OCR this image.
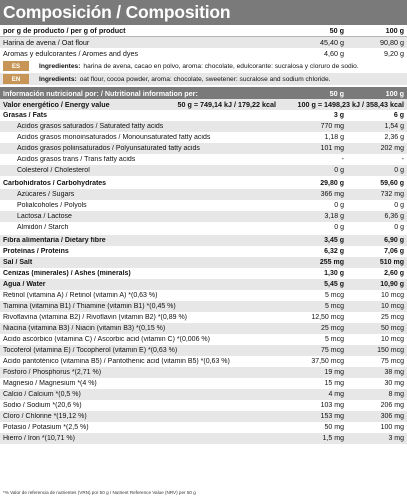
Composición / Composition
por g de producto / per g of product	50 g	100 g
Harina de avena / Oat flour	45,40 g	90,80 g
Aromas y edulcorantes / Aromes and dyes	4,60 g	9,20 g
ES	Ingredientes: harina de avena, cacao en polvo, aroma: chocolate, edulcorante: sucralosa y cloruro de sodio.
EN	Ingredients: oat flour, cocoa powder, aroma: chocolate, sweetener: sucralose and sodium chloride.
Información nutricional por: / Nutritional information per:	50 g	100 g
Valor energético / Energy value	50 g = 749,14 kJ / 179,22 kcal	100 g = 1498,23 kJ / 358,43 kcal
Grasas / Fats	3 g	6 g
Ácidos grasos saturados / Saturated fatty acids	770 mg	1,54 g
Ácidos grasos monoinsaturados / Monounsaturated fatty acids	1,18 g	2,36 g
Ácidos grasos poliinsaturados / Polyunsaturated fatty acids	101 mg	202 mg
Ácidos grasos trans / Trans fatty acids	-	-
Colesterol / Cholesterol	0 g	0 g
Carbohidratos / Carbohydrates	29,80 g	59,60 g
Azúcares / Sugars	366 mg	732 mg
Polialcoholes / Polyols	0 g	0 g
Lactosa / Lactose	3,18 g	6,36 g
Almidón / Starch	0 g	0 g
Fibra alimentaria / Dietary fibre	3,45 g	6,90 g
Proteínas / Proteins	6,32 g	7,06 g
Sal / Salt	255 mg	510 mg
Cenizas (minerales) / Ashes (minerals)	1,30 g	2,60 g
Agua / Water	5,45 g	10,90 g
Retinol (vitamina A) / Retinol (vitamin A) *(0,63 %)	5 mcg	10 mcg
Tiamina (vitamina B1) / Thiamine (vitamin B1) *(0,45 %)	5 mcg	10 mcg
Rivoflavina (vitamina B2) / Rivoflavin (vitamin B2) *(0,89 %)	12,50 mcg	25 mcg
Niacina (vitamina B3) / Niacin (vitamin B3) *(0,15 %)	25 mcg	50 mcg
Ácido ascórbico (vitamina C) / Ascorbic acid (vitamin C) *(0,006 %)	5 mcg	10 mcg
Tocoferol (vitamina E) / Tocopherol (vitamin E) *(0,63 %)	75 mcg	150 mcg
Ácido pantoténico (vitamina B5) / Pantothenic acid (vitamin B5) *(0,63 %)	37,50 mcg	75 mcg
Fósforo / Phosphorus *(2,71 %)	19 mg	38 mg
Magnesio / Magnesium *(4 %)	15 mg	30 mg
Calcio / Calcium *(0,5 %)	4 mg	8 mg
Sodio / Sodium *(20,6 %)	103 mg	206 mg
Cloro / Chlorine *(19,12 %)	153 mg	306 mg
Potasio / Potasium *(2,5 %)	50 mg	100 mg
Hierro / Iron *(10,71 %)	1,5 mg	3 mg
*% Valor de referencia de nutrientes (VRN) por 50 g / Nutrient Reference Value (NRV) per 50 g
